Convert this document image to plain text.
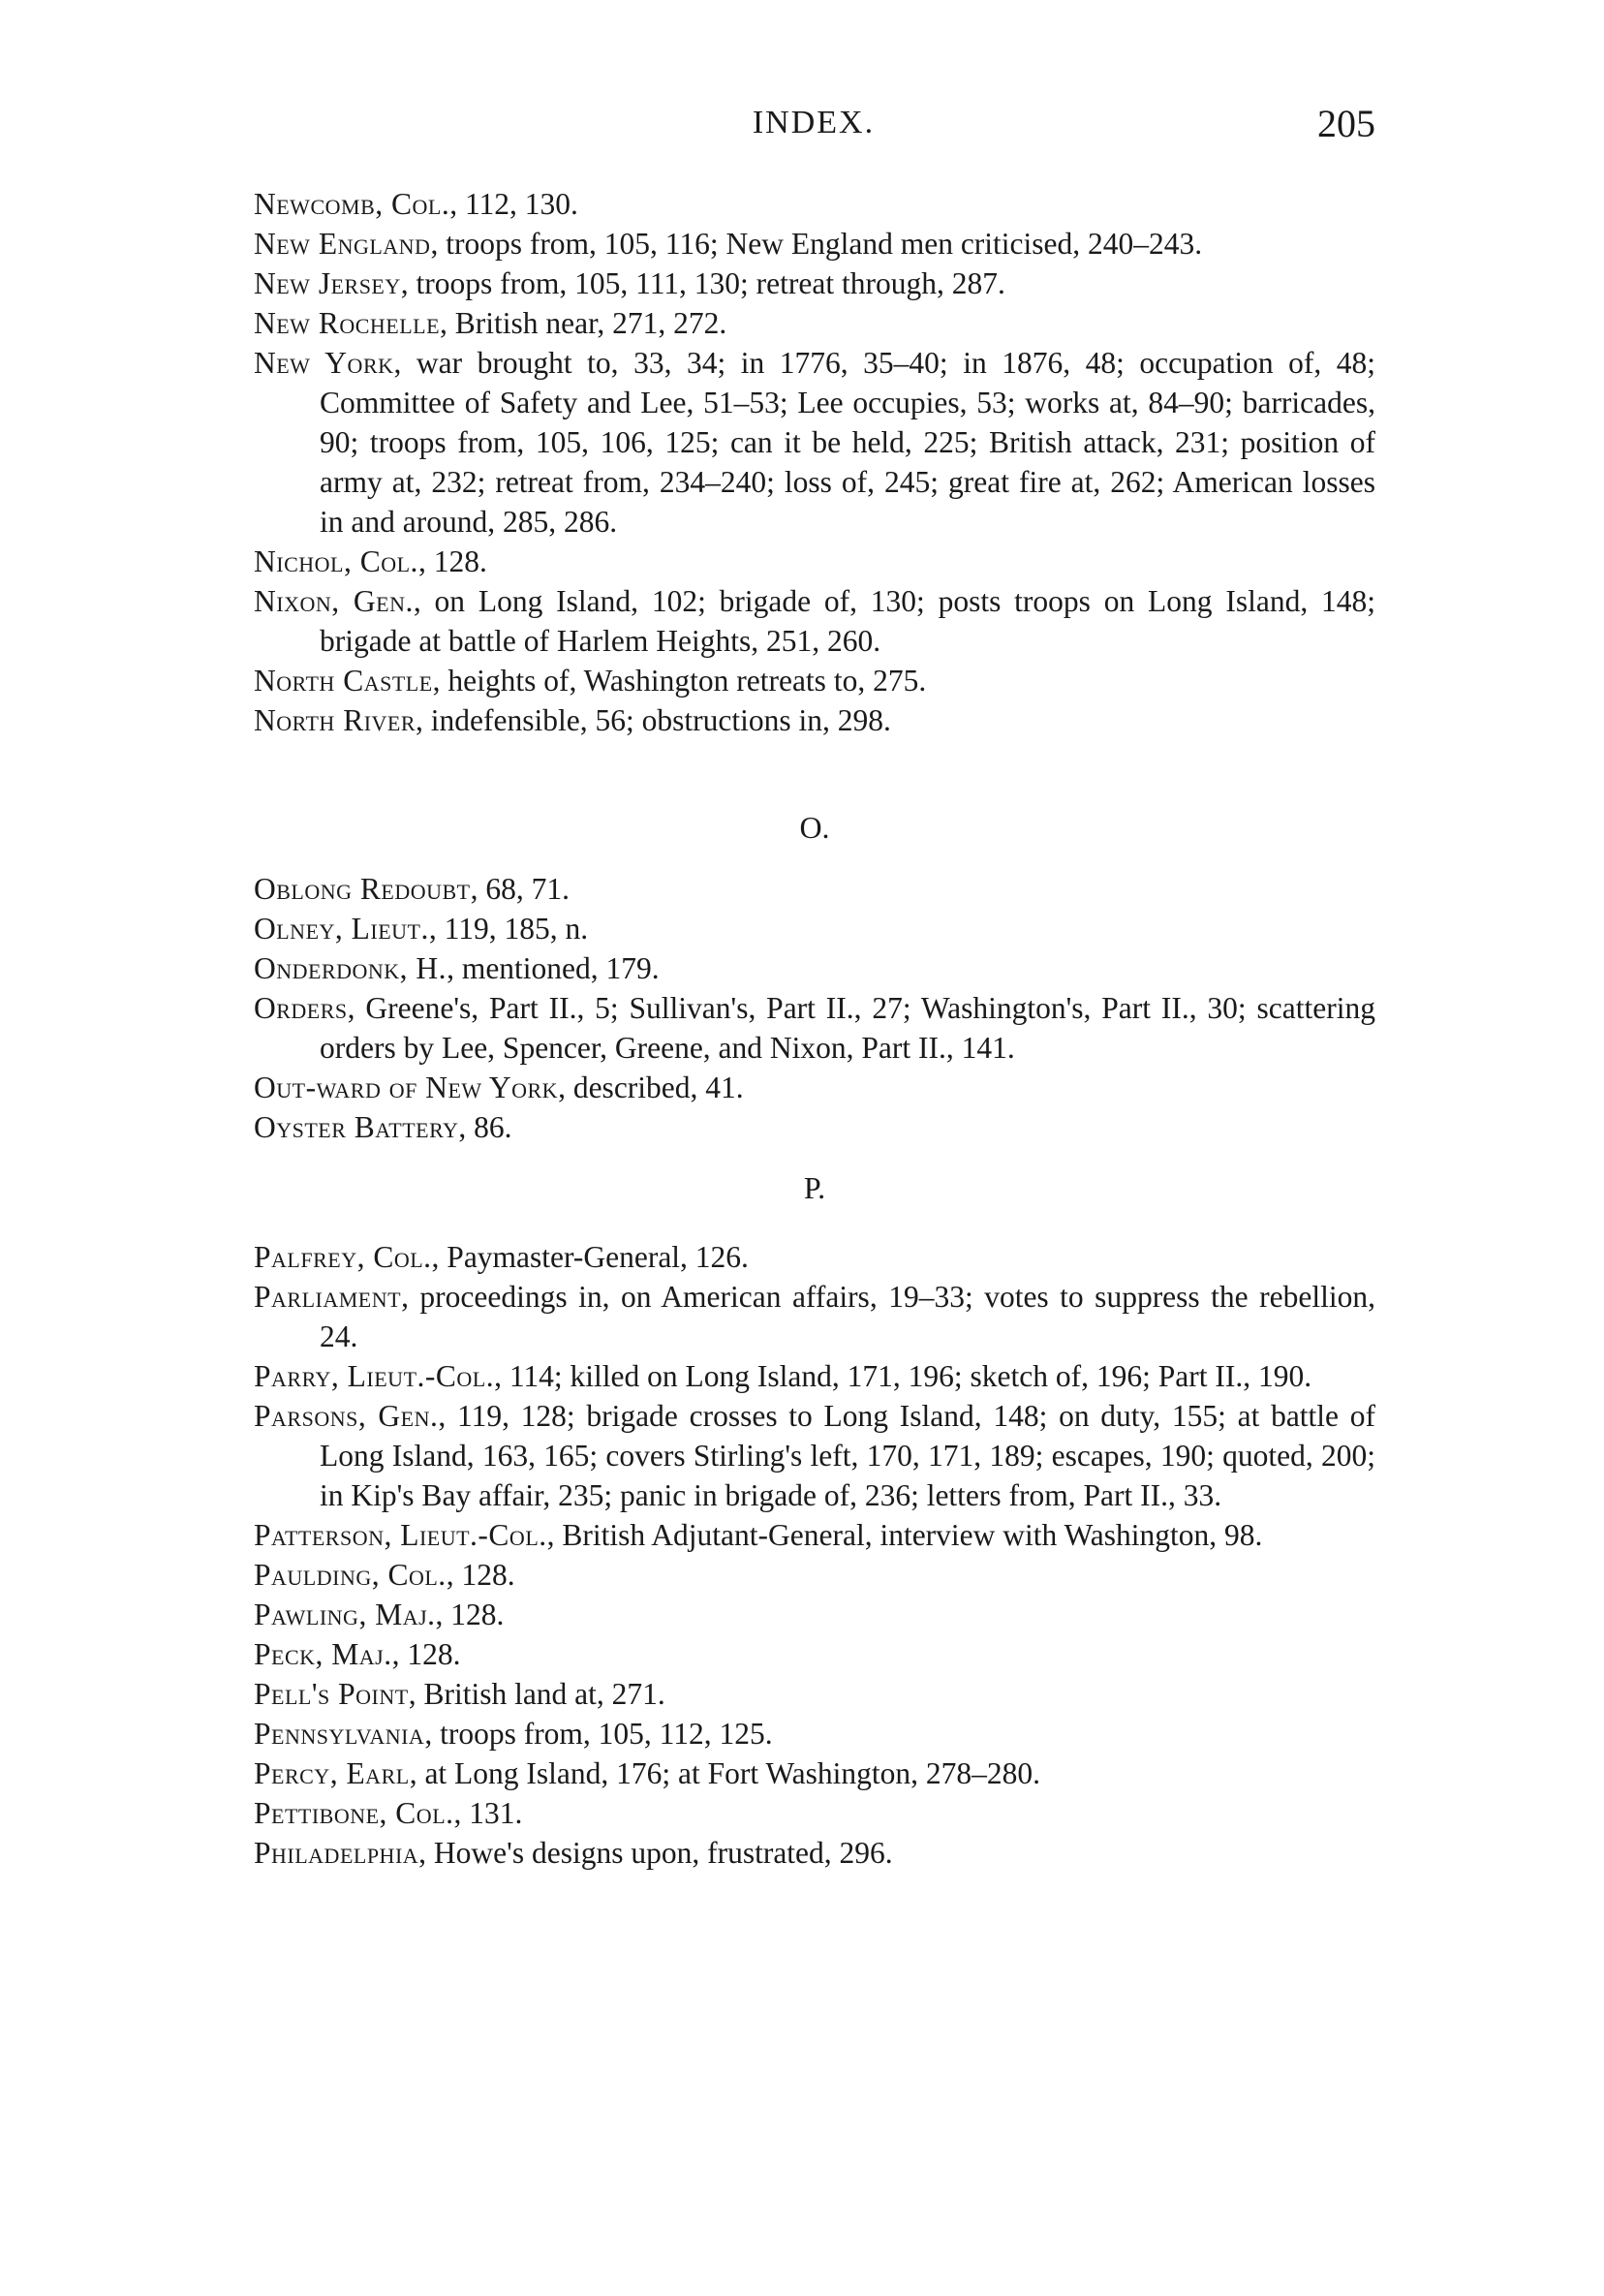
INDEX.	205

Newcomb, Col., 112, 130.

New England, troops from, 105, 116; New England men criticised, 240–243.

New Jersey, troops from, 105, 111, 130; retreat through, 287.

New Rochelle, British near, 271, 272.

New York, war brought to, 33, 34; in 1776, 35–40; in 1876, 48; occupation of, 48; Committee of Safety and Lee, 51–53; Lee occupies, 53; works at, 84–90; barricades, 90; troops from, 105, 106, 125; can it be held, 225; British attack, 231; position of army at, 232; retreat from, 234–240; loss of, 245; great fire at, 262; American losses in and around, 285, 286.

Nichol, Col., 128.

Nixon, Gen., on Long Island, 102; brigade of, 130; posts troops on Long Island, 148; brigade at battle of Harlem Heights, 251, 260.

North Castle, heights of, Washington retreats to, 275.

North River, indefensible, 56; obstructions in, 298.

O.

Oblong Redoubt, 68, 71.

Olney, Lieut., 119, 185, n.

Onderdonk, H., mentioned, 179.

Orders, Greene's, Part II., 5; Sullivan's, Part II., 27; Washington's, Part II., 30; scattering orders by Lee, Spencer, Greene, and Nixon, Part II., 141.

Out-ward of New York, described, 41.

Oyster Battery, 86.

P.

Palfrey, Col., Paymaster-General, 126.

Parliament, proceedings in, on American affairs, 19–33; votes to suppress the rebellion, 24.

Parry, Lieut.-Col., 114; killed on Long Island, 171, 196; sketch of, 196; Part II., 190.

Parsons, Gen., 119, 128; brigade crosses to Long Island, 148; on duty, 155; at battle of Long Island, 163, 165; covers Stirling's left, 170, 171, 189; escapes, 190; quoted, 200; in Kip's Bay affair, 235; panic in brigade of, 236; letters from, Part II., 33.

Patterson, Lieut.-Col., British Adjutant-General, interview with Washington, 98.

Paulding, Col., 128.

Pawling, Maj., 128.

Peck, Maj., 128.

Pell's Point, British land at, 271.

Pennsylvania, troops from, 105, 112, 125.

Percy, Earl, at Long Island, 176; at Fort Washington, 278–280.

Pettibone, Col., 131.

Philadelphia, Howe's designs upon, frustrated, 296.
